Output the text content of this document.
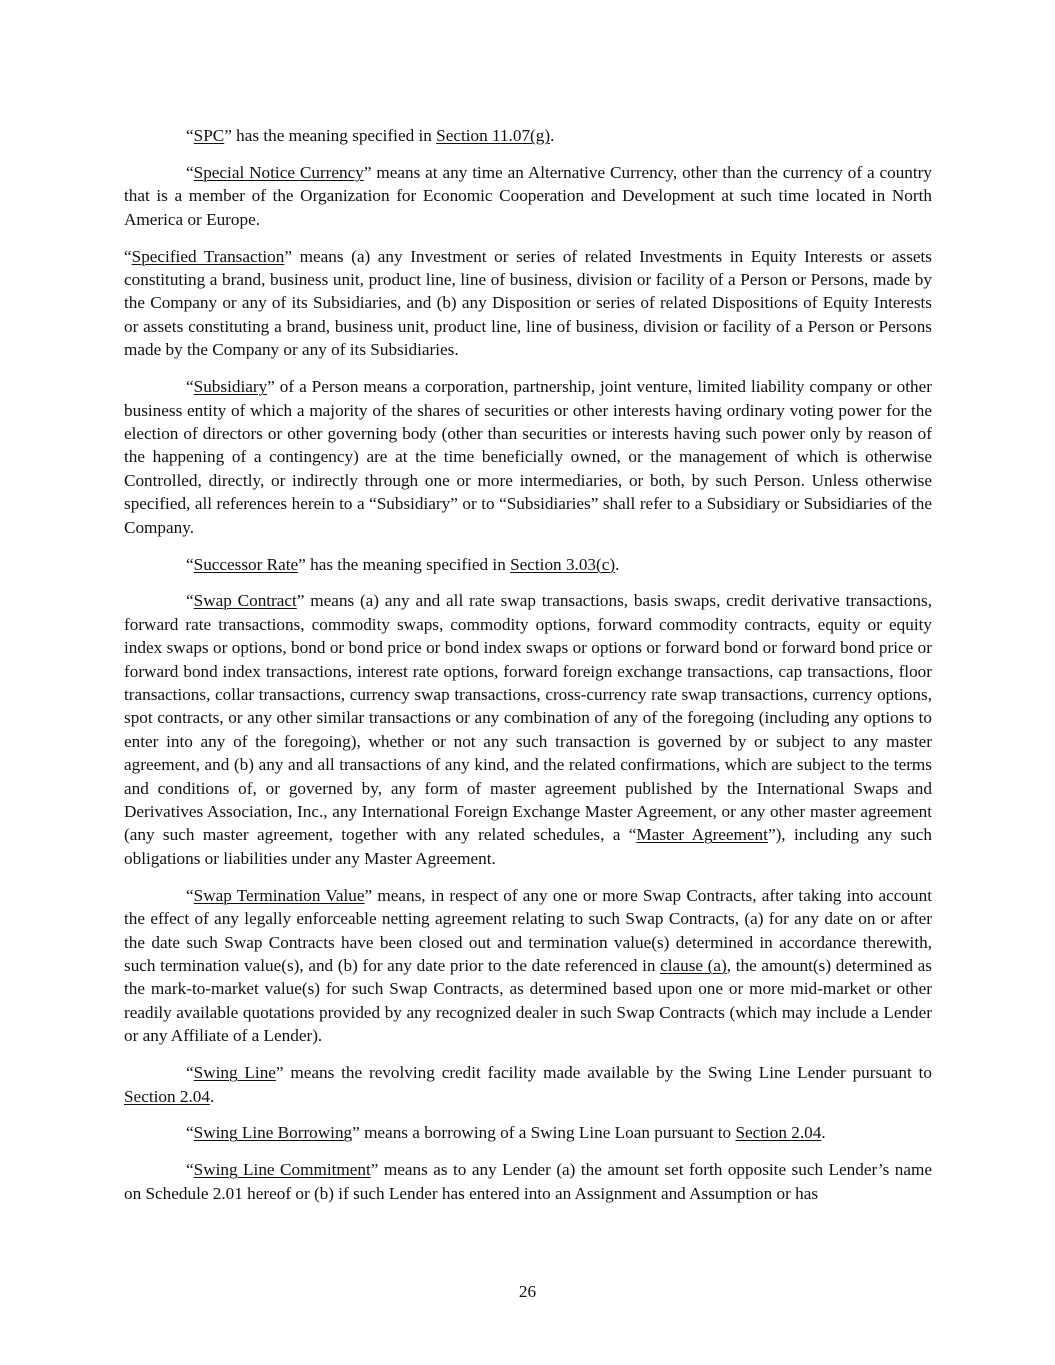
“SPC” has the meaning specified in Section 11.07(g).

“Special Notice Currency” means at any time an Alternative Currency, other than the currency of a country that is a member of the Organization for Economic Cooperation and Development at such time located in North America or Europe.

“Specified Transaction” means (a) any Investment or series of related Investments in Equity Interests or assets constituting a brand, business unit, product line, line of business, division or facility of a Person or Persons, made by the Company or any of its Subsidiaries, and (b) any Disposition or series of related Dispositions of Equity Interests or assets constituting a brand, business unit, product line, line of business, division or facility of a Person or Persons made by the Company or any of its Subsidiaries.

“Subsidiary” of a Person means a corporation, partnership, joint venture, limited liability company or other business entity of which a majority of the shares of securities or other interests having ordinary voting power for the election of directors or other governing body (other than securities or interests having such power only by reason of the happening of a contingency) are at the time beneficially owned, or the management of which is otherwise Controlled, directly, or indirectly through one or more intermediaries, or both, by such Person. Unless otherwise specified, all references herein to a “Subsidiary” or to “Subsidiaries” shall refer to a Subsidiary or Subsidiaries of the Company.

“Successor Rate” has the meaning specified in Section 3.03(c).

“Swap Contract” means (a) any and all rate swap transactions, basis swaps, credit derivative transactions, forward rate transactions, commodity swaps, commodity options, forward commodity contracts, equity or equity index swaps or options, bond or bond price or bond index swaps or options or forward bond or forward bond price or forward bond index transactions, interest rate options, forward foreign exchange transactions, cap transactions, floor transactions, collar transactions, currency swap transactions, cross-currency rate swap transactions, currency options, spot contracts, or any other similar transactions or any combination of any of the foregoing (including any options to enter into any of the foregoing), whether or not any such transaction is governed by or subject to any master agreement, and (b) any and all transactions of any kind, and the related confirmations, which are subject to the terms and conditions of, or governed by, any form of master agreement published by the International Swaps and Derivatives Association, Inc., any International Foreign Exchange Master Agreement, or any other master agreement (any such master agreement, together with any related schedules, a “Master Agreement”), including any such obligations or liabilities under any Master Agreement.

“Swap Termination Value” means, in respect of any one or more Swap Contracts, after taking into account the effect of any legally enforceable netting agreement relating to such Swap Contracts, (a) for any date on or after the date such Swap Contracts have been closed out and termination value(s) determined in accordance therewith, such termination value(s), and (b) for any date prior to the date referenced in clause (a), the amount(s) determined as the mark-to-market value(s) for such Swap Contracts, as determined based upon one or more mid-market or other readily available quotations provided by any recognized dealer in such Swap Contracts (which may include a Lender or any Affiliate of a Lender).

“Swing Line” means the revolving credit facility made available by the Swing Line Lender pursuant to Section 2.04.

“Swing Line Borrowing” means a borrowing of a Swing Line Loan pursuant to Section 2.04.

“Swing Line Commitment” means as to any Lender (a) the amount set forth opposite such Lender’s name on Schedule 2.01 hereof or (b) if such Lender has entered into an Assignment and Assumption or has

26
